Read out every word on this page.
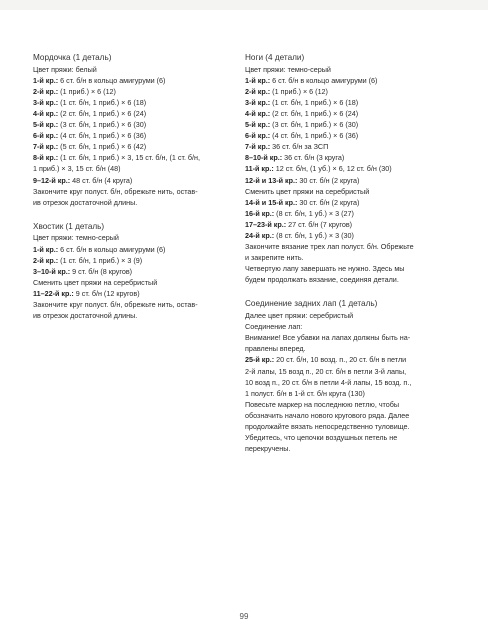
Мордочка (1 деталь)
Цвет пряжи: белый
1-й кр.: 6 ст. б/н в кольцо амигуруми (6)
2-й кр.: (1 приб.) × 6 (12)
3-й кр.: (1 ст. б/н, 1 приб.) × 6 (18)
4-й кр.: (2 ст. б/н, 1 приб.) × 6 (24)
5-й кр.: (3 ст. б/н, 1 приб.) × 6 (30)
6-й кр.: (4 ст. б/н, 1 приб.) × 6 (36)
7-й кр.: (5 ст. б/н, 1 приб.) × 6 (42)
8-й кр.: (1 ст. б/н, 1 приб.) × 3, 15 ст. б/н, (1 ст. б/н,
1 приб.) × 3, 15 ст. б/н (48)
9–12-й кр.: 48 ст. б/н (4 круга)
Закончите круг полуст. б/н, обрежьте нить, остав-
ив отрезок достаточной длины.
Хвостик (1 деталь)
Цвет пряжи: темно-серый
1-й кр.: 6 ст. б/н в кольцо амигуруми (6)
2-й кр.: (1 ст. б/н, 1 приб.) × 3 (9)
3–10-й кр.: 9 ст. б/н (8 кругов)
Сменить цвет пряжи на серебристый
11–22-й кр.: 9 ст. б/н (12 кругов)
Закончите круг полуст. б/н, обрежьте нить, остав-
ив отрезок достаточной длины.
Ноги (4 детали)
Цвет пряжи: темно-серый
1-й кр.: 6 ст. б/н в кольцо амигуруми (6)
2-й кр.: (1 приб.) × 6 (12)
3-й кр.: (1 ст. б/н, 1 приб.) × 6 (18)
4-й кр.: (2 ст. б/н, 1 приб.) × 6 (24)
5-й кр.: (3 ст. б/н, 1 приб.) × 6 (30)
6-й кр.: (4 ст. б/н, 1 приб.) × 6 (36)
7-й кр.: 36 ст. б/н за ЗСП
8–10-й кр.: 36 ст. б/н (3 круга)
11-й кр.: 12 ст. б/н, (1 уб.) × 6, 12 ст. б/н (30)
12-й и 13-й кр.: 30 ст. б/н (2 круга)
Сменить цвет пряжи на серебристый
14-й и 15-й кр.: 30 ст. б/н (2 круга)
16-й кр.: (8 ст. б/н, 1 уб.) × 3 (27)
17–23-й кр.: 27 ст. б/н (7 кругов)
24-й кр.: (8 ст. б/н, 1 уб.) × 3 (30)
Закончите вязание трех лап полуст. б/н. Обрежьте
и закрепите нить.
Четвертую лапу завершать не нужно. Здесь мы
будем продолжать вязание, соединяя детали.
Соединение задних лап (1 деталь)
Далее цвет пряжи: серебристый
Соединение лап:
Внимание! Все убавки на лапах должны быть на-
правлены вперед.
25-й кр.: 20 ст. б/н, 10 возд. п., 20 ст. б/н в петли
2-й лапы, 15 возд п., 20 ст. б/н в петли 3-й лапы,
10 возд п., 20 ст. б/н в петли 4-й лапы, 15 возд. п.,
1 полуст. б/н в 1-й ст. б/н круга (130)
Повесьте маркер на последнюю петлю, чтобы
обозначить начало нового кругового ряда. Далее
продолжайте вязать непосредственно туловище.
Убедитесь, что цепочки воздушных петель не
перекручены.
99
